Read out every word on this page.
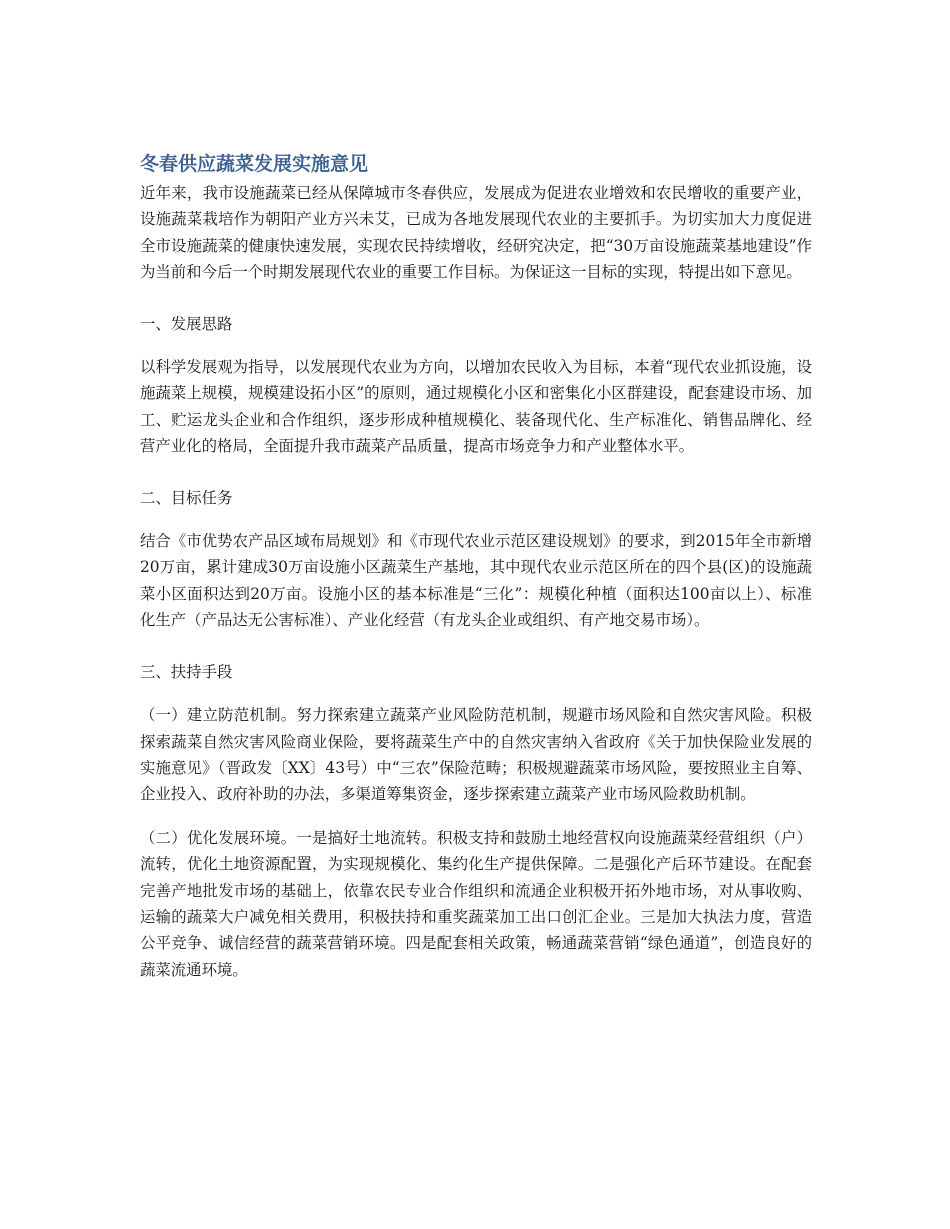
冬春供应蔬菜发展实施意见

近年来，我市设施蔬菜已经从保障城市冬春供应，发展成为促进农业增效和农民增收的重要产业，设施蔬菜栽培作为朝阳产业方兴未艾，已成为各地发展现代农业的主要抓手。为切实加大力度促进全市设施蔬菜的健康快速发展，实现农民持续增收，经研究决定，把“30万亩设施蔬菜基地建设”作为当前和今后一个时期发展现代农业的重要工作目标。为保证这一目标的实现，特提出如下意见。

一、发展思路

以科学发展观为指导，以发展现代农业为方向，以增加农民收入为目标，本着“现代农业抓设施，设施蔬菜上规模，规模建设拓小区”的原则，通过规模化小区和密集化小区群建设，配套建设市场、加工、贮运龙头企业和合作组织，逐步形成种植规模化、装备现代化、生产标准化、销售品牌化、经营产业化的格局，全面提升我市蔬菜产品质量，提高市场竞争力和产业整体水平。

二、目标任务

结合《市优势农产品区域布局规划》和《市现代农业示范区建设规划》的要求，到2015年全市新增20万亩，累计建成30万亩设施小区蔬菜生产基地，其中现代农业示范区所在的四个县(区)的设施蔬菜小区面积达到20万亩。设施小区的基本标准是“三化”：规模化种植（面积达100亩以上）、标准化生产（产品达无公害标准）、产业化经营（有龙头企业或组织、有产地交易市场）。

三、扶持手段

（一）建立防范机制。努力探索建立蔬菜产业风险防范机制，规避市场风险和自然灾害风险。积极探索蔬菜自然灾害风险商业保险，要将蔬菜生产中的自然灾害纳入省政府《关于加快保险业发展的实施意见》（晋政发〔XX〕43号）中“三农”保险范畴；积极规避蔬菜市场风险，要按照业主自筹、企业投入、政府补助的办法，多渠道筹集资金，逐步探索建立蔬菜产业市场风险救助机制。

（二）优化发展环境。一是搞好土地流转。积极支持和鼓励土地经营权向设施蔬菜经营组织（户）流转，优化土地资源配置，为实现规模化、集约化生产提供保障。二是强化产后环节建设。在配套完善产地批发市场的基础上，依靠农民专业合作组织和流通企业积极开拓外地市场，对从事收购、运输的蔬菜大户减免相关费用，积极扶持和重奖蔬菜加工出口创汇企业。三是加大执法力度，营造公平竞争、诚信经营的蔬菜营销环境。四是配套相关政策，畅通蔬菜营销“绿色通道”，创造良好的蔬菜流通环境。
